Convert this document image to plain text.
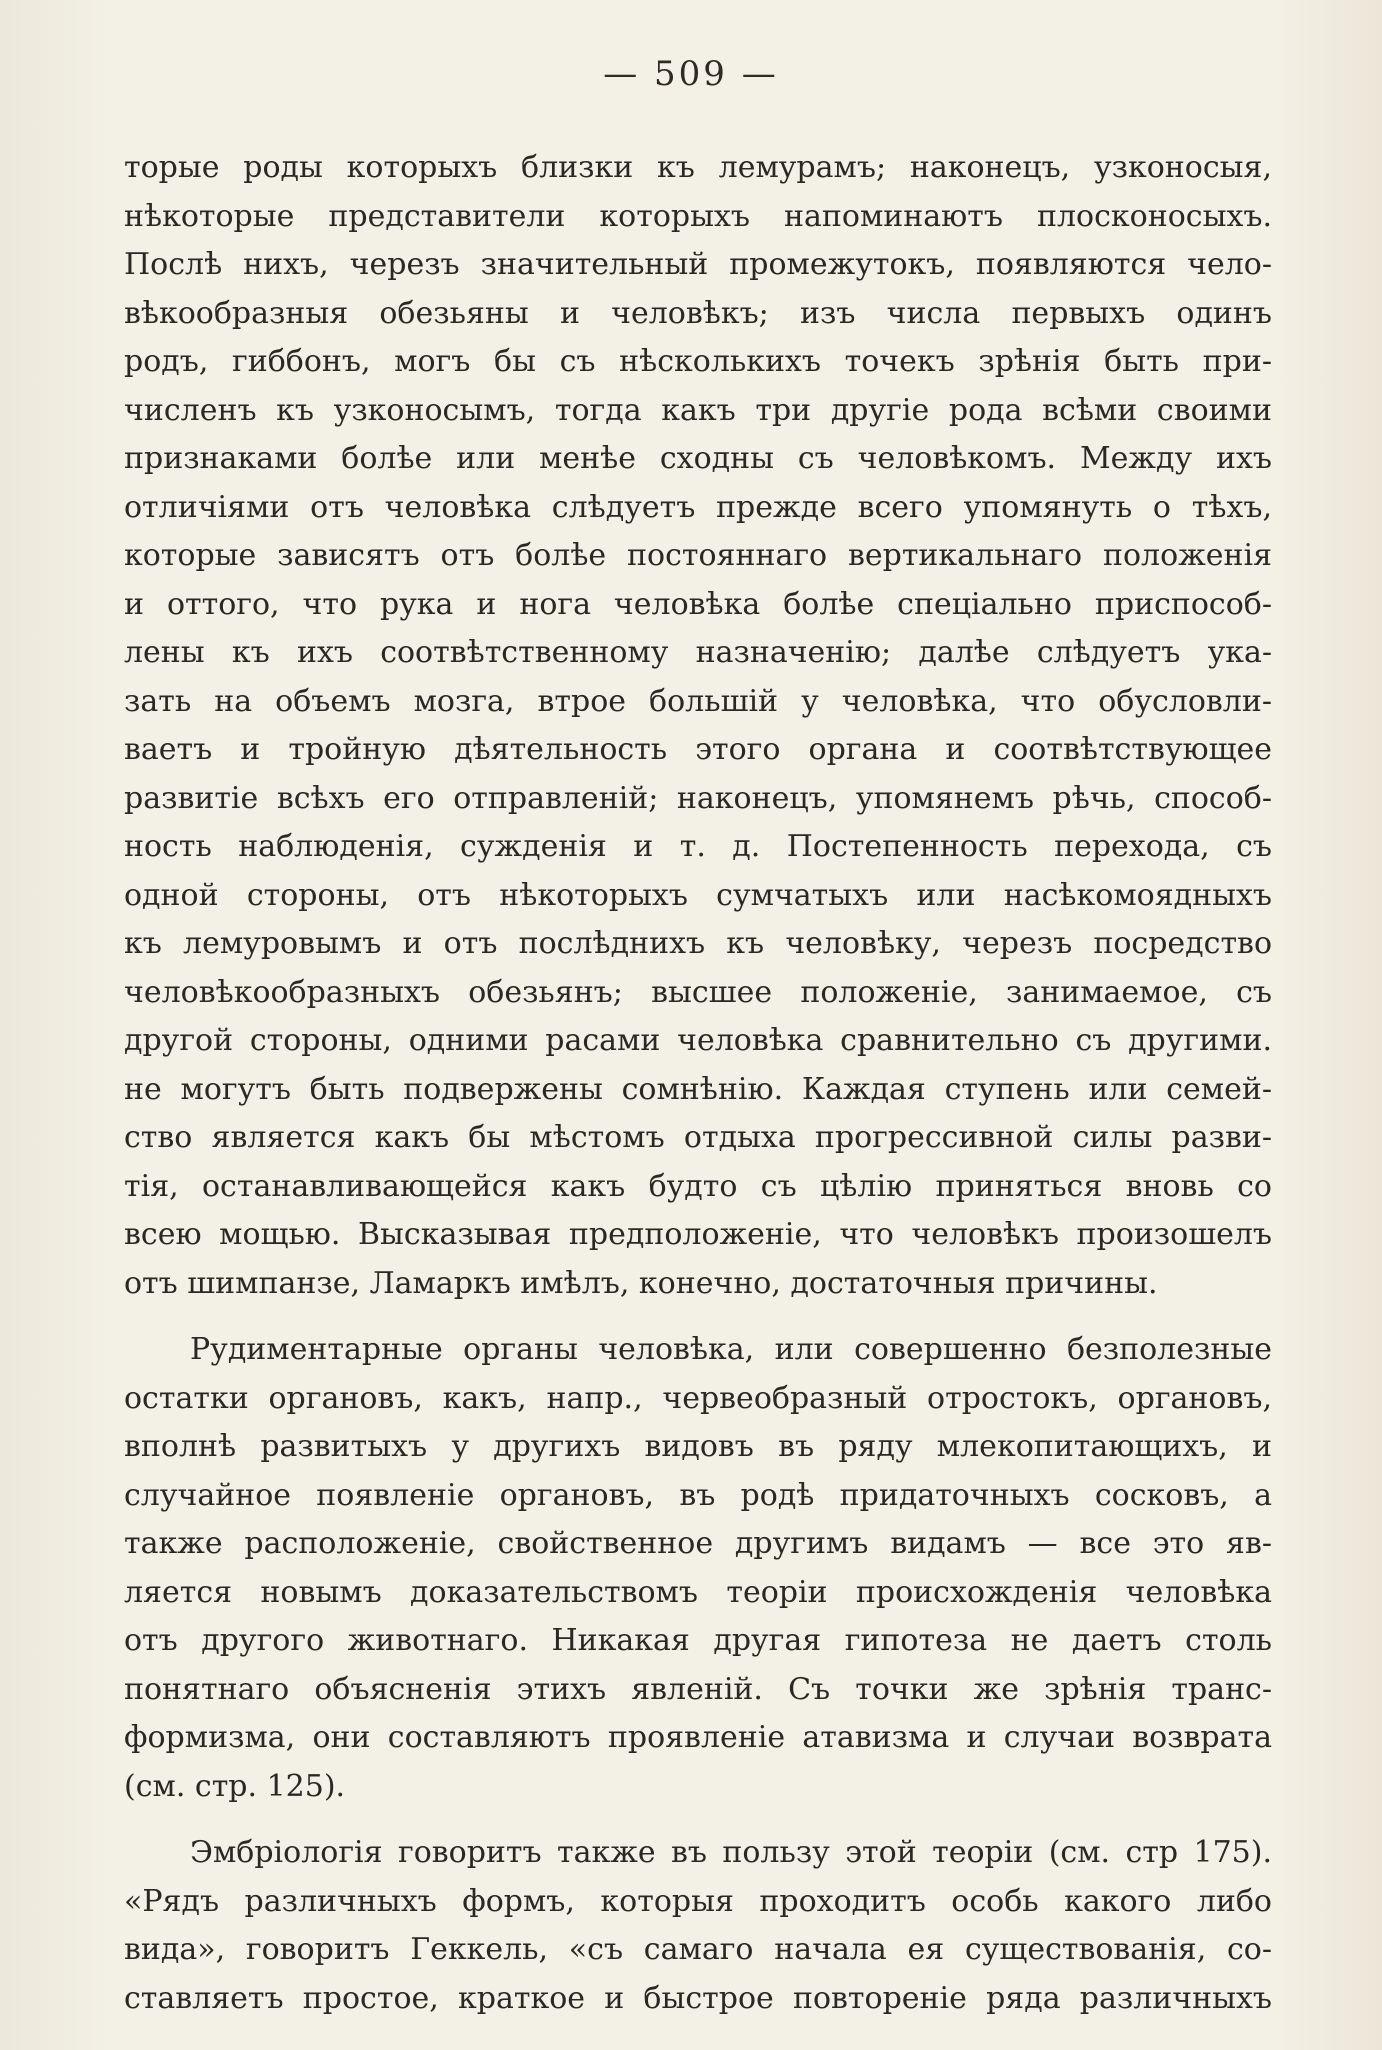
— 509 —
торые роды которыхъ близки къ лемурамъ; наконецъ, узконосыя,
нѣкоторые представители которыхъ напоминаютъ плосконосыхъ.
Послѣ нихъ, черезъ значительный промежутокъ, появляются чело-
вѣкообразныя обезьяны и человѣкъ; изъ числа первыхъ одинъ
родъ, гиббонъ, могъ бы съ нѣсколькихъ точекъ зрѣнія быть при-
численъ къ узконосымъ, тогда какъ три другіе рода всѣми своими
признаками болѣе или менѣе сходны съ человѣкомъ. Между ихъ
отличіями отъ человѣка слѣдуетъ прежде всего упомянуть о тѣхъ,
которые зависятъ отъ болѣе постояннаго вертикальнаго положенія
и оттого, что рука и нога человѣка болѣе спеціально приспособ-
лены къ ихъ соотвѣтственному назначенію; далѣе слѣдуетъ ука-
зать на объемъ мозга, втрое большій у человѣка, что обусловли-
ваетъ и тройную дѣятельность этого органа и соотвѣтствующее
развитіе всѣхъ его отправленій; наконецъ, упомянемъ рѣчь, способ-
ность наблюденія, сужденія и т. д. Постепенность перехода, съ
одной стороны, отъ нѣкоторыхъ сумчатыхъ или насѣкомоядныхъ
къ лемуровымъ и отъ послѣднихъ къ человѣку, черезъ посредство
человѣкообразныхъ обезьянъ; высшее положеніе, занимаемое, съ
другой стороны, одними расами человѣка сравнительно съ другими.
не могутъ быть подвержены сомнѣнію. Каждая ступень или семей-
ство является какъ бы мѣстомъ отдыха прогрессивной силы разви-
тія, останавливающейся какъ будто съ цѣлію приняться вновь со
всею мощью. Высказывая предположеніе, что человѣкъ произошелъ
отъ шимпанзе, Ламаркъ имѣлъ, конечно, достаточныя причины.
Рудиментарные органы человѣка, или совершенно безполезные
остатки органовъ, какъ, напр., червеобразный отростокъ, органовъ,
вполнѣ развитыхъ у другихъ видовъ въ ряду млекопитающихъ, и
случайное появленіе органовъ, въ родѣ придаточныхъ сосковъ, а
также расположеніе, свойственное другимъ видамъ — все это яв-
ляется новымъ доказательствомъ теоріи происхожденія человѣка
отъ другого животнаго. Никакая другая гипотеза не даетъ столь
понятнаго объясненія этихъ явленій. Съ точки же зрѣнія транс-
формизма, они составляютъ проявленіе атавизма и случаи возврата
(см. стр. 125).
Эмбріологія говоритъ также въ пользу этой теоріи (см. стр 175).
«Рядъ различныхъ формъ, которыя проходитъ особь какого либо
вида», говоритъ Геккель, «съ самаго начала ея существованія, со-
ставляетъ простое, краткое и быстрое повтореніе ряда различныхъ
